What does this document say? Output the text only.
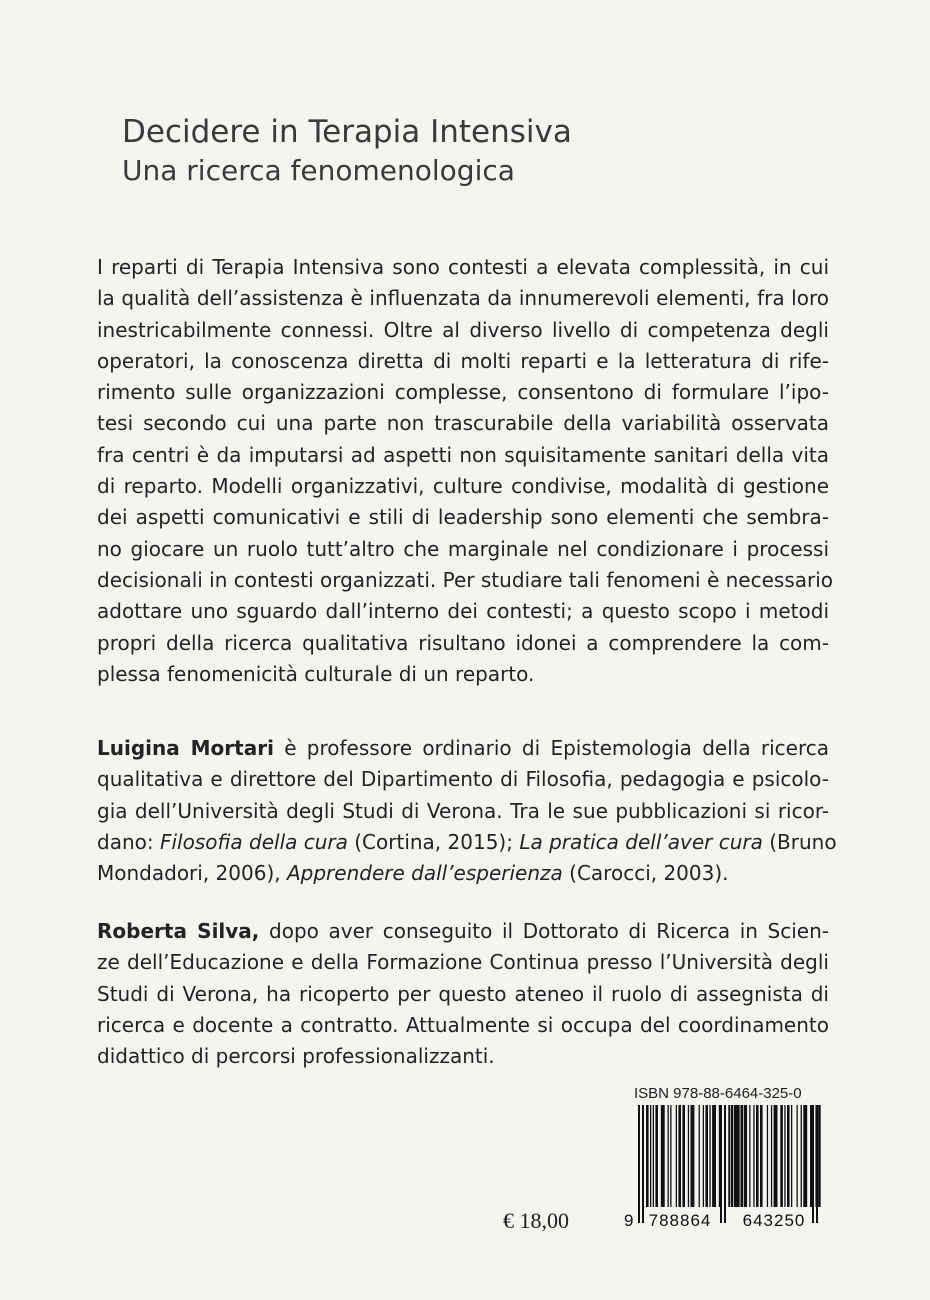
Decidere in Terapia Intensiva
Una ricerca fenomenologica
I reparti di Terapia Intensiva sono contesti a elevata complessità, in cui
la qualità dell’assistenza è influenzata da innumerevoli elementi, fra loro
inestricabilmente connessi. Oltre al diverso livello di competenza degli
operatori, la conoscenza diretta di molti reparti e la letteratura di rife-
rimento sulle organizzazioni complesse, consentono di formulare l’ipo-
tesi secondo cui una parte non trascurabile della variabilità osservata
fra centri è da imputarsi ad aspetti non squisitamente sanitari della vita
di reparto. Modelli organizzativi, culture condivise, modalità di gestione
dei aspetti comunicativi e stili di leadership sono elementi che sembra-
no giocare un ruolo tutt’altro che marginale nel condizionare i processi
decisionali in contesti organizzati. Per studiare tali fenomeni è necessario
adottare uno sguardo dall’interno dei contesti; a questo scopo i metodi
propri della ricerca qualitativa risultano idonei a comprendere la com-
plessa fenomenicità culturale di un reparto.
Luigina Mortari è professore ordinario di Epistemologia della ricerca
qualitativa e direttore del Dipartimento di Filosofia, pedagogia e psicolo-
gia dell’Università degli Studi di Verona. Tra le sue pubblicazioni si ricor-
dano: Filosofia della cura (Cortina, 2015); La pratica dell’aver cura (Bruno
Mondadori, 2006), Apprendere dall’esperienza (Carocci, 2003).
Roberta Silva, dopo aver conseguito il Dottorato di Ricerca in Scien-
ze dell’Educazione e della Formazione Continua presso l’Università degli
Studi di Verona, ha ricoperto per questo ateneo il ruolo di assegnista di
ricerca e docente a contratto. Attualmente si occupa del coordinamento
didattico di percorsi professionalizzanti.
ISBN 978-88-6464-325-0
9 788864 643250
€ 18,00
